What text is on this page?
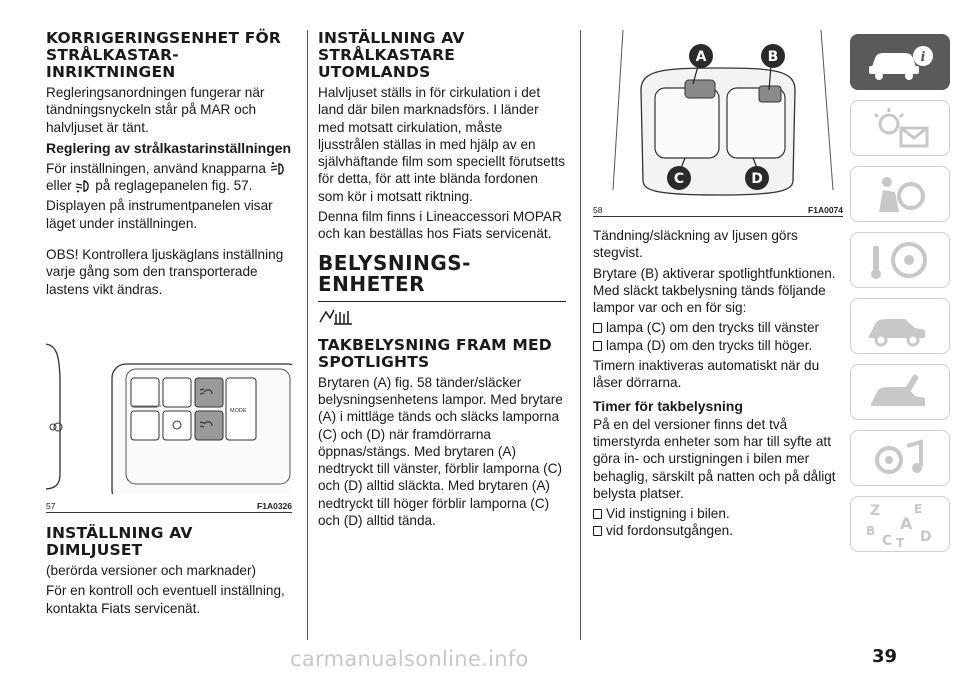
KORRIGERINGSENHET FÖR STRÅLKASTAR-INRIKTNINGEN

Regleringsanordningen fungerar när tändningsnyckeln står på MAR och halvljuset är tänt.

Reglering av strålkastarinställningen

För inställningen, använd knapparna
eller på reglagepanelen fig. 57.

Displayen på instrumentpanelen visar läget under inställningen.

OBS! Kontrollera ljuskäglans inställning varje gång som den transporterade lastens vikt ändras.

MODE
57	F1A0326
INSTÄLLNING AV DIMLJUSET

(berörda versioner och marknader)

För en kontroll och eventuell inställning, kontakta Fiats servicenät.

INSTÄLLNING AV STRÅLKASTARE UTOMLANDS

Halvljuset ställs in för cirkulation i det land där bilen marknadsförs. I länder med motsatt cirkulation, måste ljusstrålen ställas in med hjälp av en självhäftande film som speciellt förutsetts för detta, för att inte blända fordonen som kör i motsatt riktning.

Denna film finns i Lineaccessori MOPAR och kan beställas hos Fiats servicenät.

BELYSNINGS-ENHETER
TAKBELYSNING FRAM MED SPOTLIGHTS

Brytaren (A) fig. 58 tänder/släcker belysningsenhetens lampor. Med brytare (A) i mittläge tänds och släcks lamporna (C) och (D) när framdörrarna öppnas/stängs. Med brytaren (A) nedtryckt till vänster, förblir lamporna (C) och (D) alltid släckta. Med brytaren (A) nedtryckt till höger förblir lamporna (C) och (D) alltid tända.

A	B
C	D
58	F1A0074

Tändning/släckning av ljusen görs stegvist.

Brytare (B) aktiverar spotlightfunktionen. Med släckt takbelysning tänds följande lampor var och en för sig:

lampa (C) om den trycks till vänster

lampa (D) om den trycks till höger.

Timern inaktiveras automatiskt när du låser dörrarna.

Timer för takbelysning

På en del versioner finns det två timerstyrda enheter som har till syfte att göra in- och urstigningen i bilen mer behaglig, särskilt på natten och på dåligt belysta platser.

Vid instigning i bilen.

vid fordonsutgången.

i
Z	E
A
B
C T D
carmanualsonline.info	39
